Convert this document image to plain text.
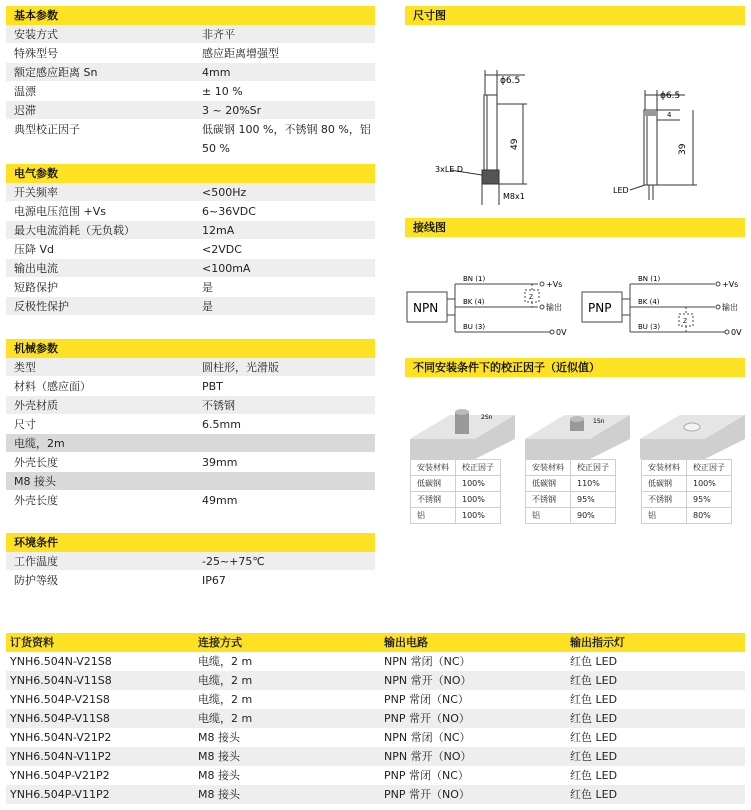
基本参数
安装方式	非齐平
特殊型号	感应距离增强型
额定感应距离 Sn	4mm
温漂	± 10 %
迟滞	3 ~ 20%Sr
典型校正因子	低碳钢 100 %，不锈钢 80 %，铝 50 %
电气参数
开关频率	<500Hz
电源电压范围 +Vs	6~36VDC
最大电流消耗（无负载）	12mA
压降 Vd	<2VDC
输出电流	<100mA
短路保护	是
反极性保护	是
机械参数
类型	圆柱形，光滑版
材料（感应面）	PBT
外壳材质	不锈钢
尺寸	6.5mm
电缆，2m
外壳长度	39mm
M8 接头
外壳长度	49mm
环境条件
工作温度	-25~+75℃
防护等级	IP67
尺寸图
ϕ6.5
49
3xLE D
M8x1
ϕ6.5
4
39
LED
接线图
NPN	PNP
BN (1)
BK (4)
BU (3)
+Vs
输出
0V
Z
BN (1)
BK (4)
BU (3)
+Vs
输出
0V
Z
不同安装条件下的校正因子（近似值）
2Sn
1Sn
安装材料	校正因子
低碳钢	100%
不锈钢	100%
铝	100%
安装材料	校正因子
低碳钢	110%
不锈钢	95%
铝	90%
安装材料	校正因子
低碳钢	100%
不锈钢	95%
铝	80%
订货资料	连接方式	输出电路	输出指示灯
YNH6.504N-V21S8	电缆，2 m	NPN 常闭（NC）	红色 LED
YNH6.504N-V11S8	电缆，2 m	NPN 常开（NO）	红色 LED
YNH6.504P-V21S8	电缆，2 m	PNP 常闭（NC）	红色 LED
YNH6.504P-V11S8	电缆，2 m	PNP 常开（NO）	红色 LED
YNH6.504N-V21P2	M8 接头	NPN 常闭（NC）	红色 LED
YNH6.504N-V11P2	M8 接头	NPN 常开（NO）	红色 LED
YNH6.504P-V21P2	M8 接头	PNP 常闭（NC）	红色 LED
YNH6.504P-V11P2	M8 接头	PNP 常开（NO）	红色 LED
